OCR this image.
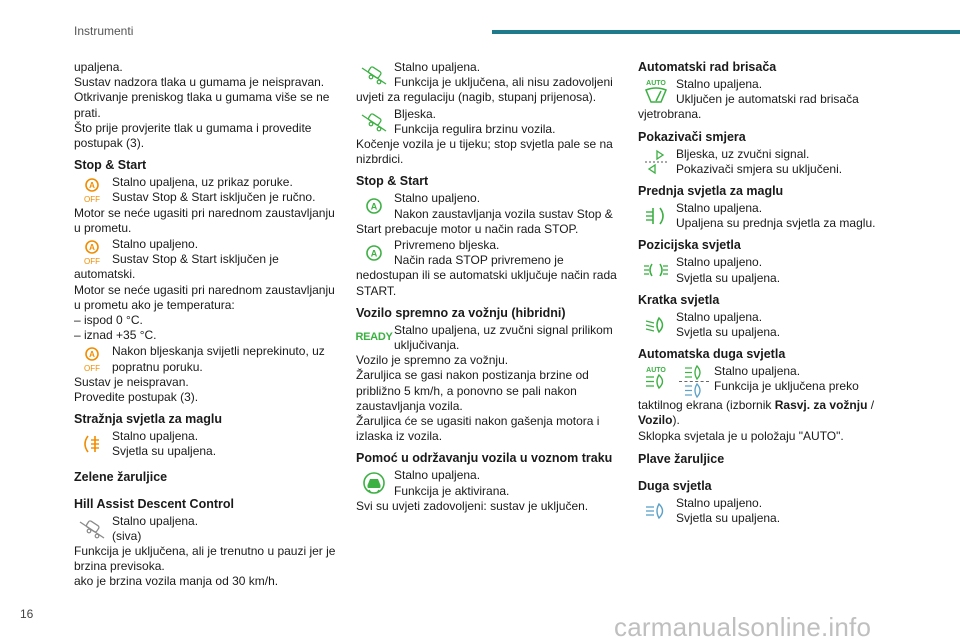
Instrumenti

upaljena.

Sustav nadzora tlaka u gumama je neispravan.

Otkrivanje preniskog tlaka u gumama više se ne prati.

Što prije provjerite tlak u gumama i provedite postupak (3).

Stop & Start
A
OFF

Stalno upaljena, uz prikaz poruke.

Sustav Stop & Start isključen je ručno.

Motor se neće ugasiti pri narednom zaustavljanju u prometu.

A
OFF

Stalno upaljeno.

Sustav Stop & Start isključen je

automatski.

Motor se neće ugasiti pri narednom zaustavljanju u prometu ako je temperatura:

– ispod 0 °C.

– iznad +35 °C.

A
OFF

Nakon bljeskanja svijetli neprekinuto, uz popratnu poruku.

Sustav je neispravan.

Provedite postupak (3).

Stražnja svjetla za maglu

Stalno upaljena.

Svjetla su upaljena.

Zelene žaruljice
Hill Assist Descent Control

Stalno upaljena.

(siva)

Funkcija je uključena, ali je trenutno u pauzi jer je brzina previsoka.

ako je brzina vozila manja od 30 km/h.

Stalno upaljena.

Funkcija je uključena, ali nisu zadovoljeni

uvjeti za regulaciju (nagib, stupanj prijenosa).

Bljeska.

Funkcija regulira brzinu vozila.

Kočenje vozila je u tijeku; stop svjetla pale se na nizbrdici.

Stop & Start
A

Stalno upaljeno.

Nakon zaustavljanja vozila sustav Stop &

Start prebacuje motor u način rada STOP.

A

Privremeno bljeska.

Način rada STOP privremeno je

nedostupan ili se automatski uključuje način rada START.

Vozilo spremno za vožnju (hibridni)
READY

Stalno upaljena, uz zvučni signal prilikom uključivanja.

Vozilo je spremno za vožnju.

Žaruljica se gasi nakon postizanja brzine od približno 5 km/h, a ponovno se pali nakon zaustavljanja vozila.

Žaruljica će se ugasiti nakon gašenja motora i izlaska iz vozila.

Pomoć u održavanju vozila u voznom traku

Stalno upaljena.

Funkcija je aktivirana.

Svi su uvjeti zadovoljeni: sustav je uključen.

Automatski rad brisača
AUTO Stalno upaljena.

Uključen je automatski rad brisača

vjetrobrana.

Pokazivači smjera

Bljeska, uz zvučni signal.

Pokazivači smjera su uključeni.

Prednja svjetla za maglu

Stalno upaljena.

Upaljena su prednja svjetla za maglu.

Pozicijska svjetla

Stalno upaljeno.

Svjetla su upaljena.

Kratka svjetla

Stalno upaljena.

Svjetla su upaljena.

Automatska duga svjetla
AUTO	Stalno upaljena.

Funkcija je uključena preko

taktilnog ekrana (izbornik Rasvj. za vožnju / Vozilo).

Sklopka svjetala je u položaju "AUTO".

Plave žaruljice
Duga svjetla

Stalno upaljeno.

Svjetla su upaljena.

16	carmanualsonline.info
